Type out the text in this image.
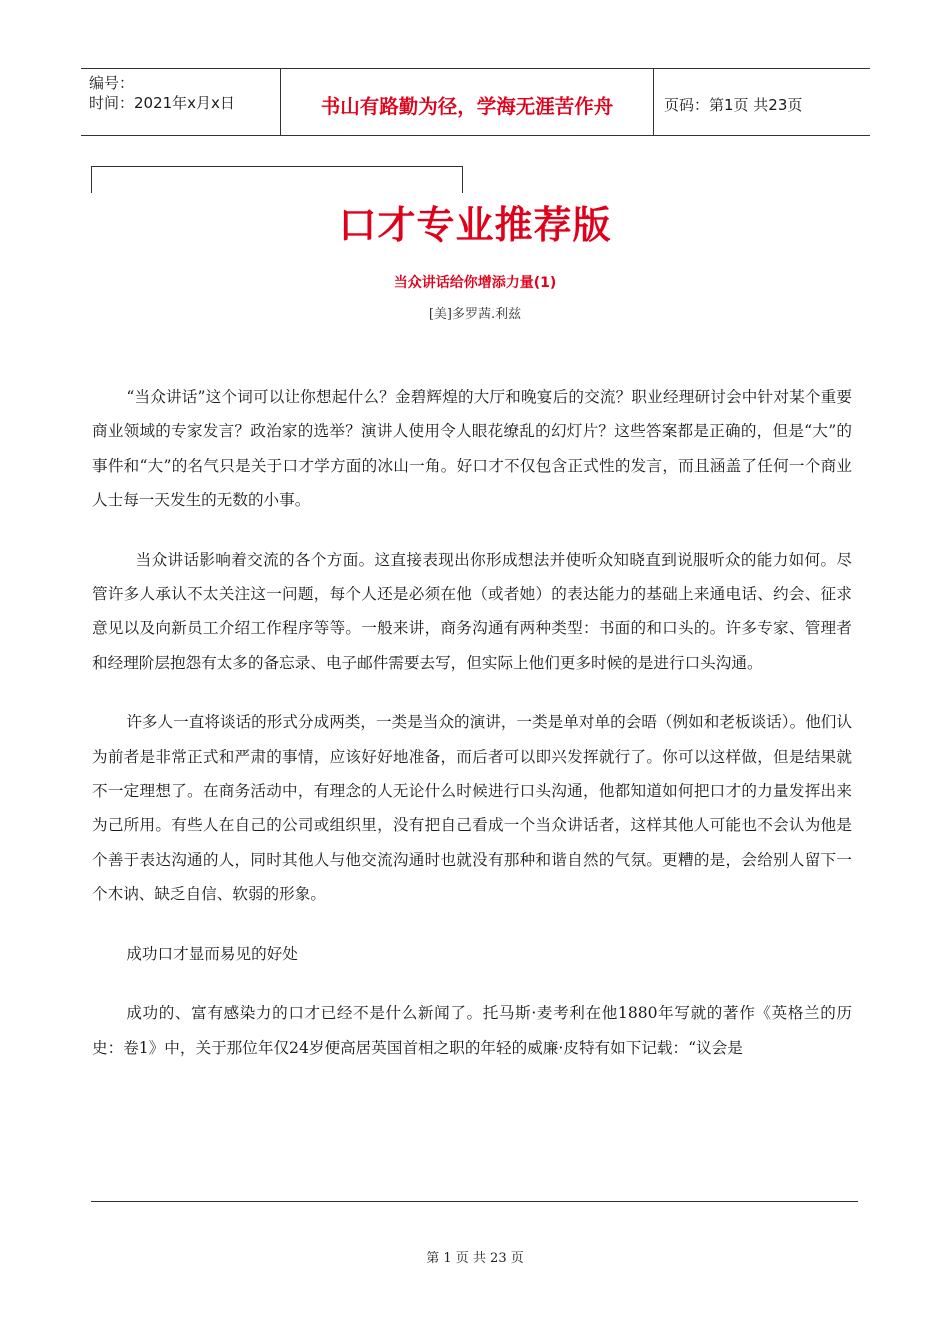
编号：
时间：2021年x月x日	书山有路勤为径，学海无涯苦作舟	页码：第1页 共23页
口才专业推荐版
当众讲话给你增添力量(1)
[美]多罗茜.利兹

“当众讲话”这个词可以让你想起什么？金碧辉煌的大厅和晚宴后的交流？职业经理研讨会中针对某个重要商业领域的专家发言？政治家的选举？演讲人使用令人眼花缭乱的幻灯片？这些答案都是正确的，但是“大”的事件和“大”的名气只是关于口才学方面的冰山一角。好口才不仅包含正式性的发言，而且涵盖了任何一个商业人士每一天发生的无数的小事。

当众讲话影响着交流的各个方面。这直接表现出你形成想法并使听众知晓直到说服听众的能力如何。尽管许多人承认不太关注这一问题，每个人还是必须在他（或者她）的表达能力的基础上来通电话、约会、征求意见以及向新员工介绍工作程序等等。一般来讲，商务沟通有两种类型：书面的和口头的。许多专家、管理者和经理阶层抱怨有太多的备忘录、电子邮件需要去写，但实际上他们更多时候的是进行口头沟通。

许多人一直将谈话的形式分成两类，一类是当众的演讲，一类是单对单的会晤（例如和老板谈话）。他们认为前者是非常正式和严肃的事情，应该好好地准备，而后者可以即兴发挥就行了。你可以这样做，但是结果就不一定理想了。在商务活动中，有理念的人无论什么时候进行口头沟通，他都知道如何把口才的力量发挥出来为己所用。有些人在自己的公司或组织里，没有把自己看成一个当众讲话者，这样其他人可能也不会认为他是个善于表达沟通的人，同时其他人与他交流沟通时也就没有那种和谐自然的气氛。更糟的是，会给别人留下一个木讷、缺乏自信、软弱的形象。

成功口才显而易见的好处

成功的、富有感染力的口才已经不是什么新闻了。托马斯·麦考利在他1880年写就的著作《英格兰的历史：卷1》中，关于那位年仅24岁便高居英国首相之职的年轻的威廉·皮特有如下记载：“议会是

第 1 页 共 23 页
